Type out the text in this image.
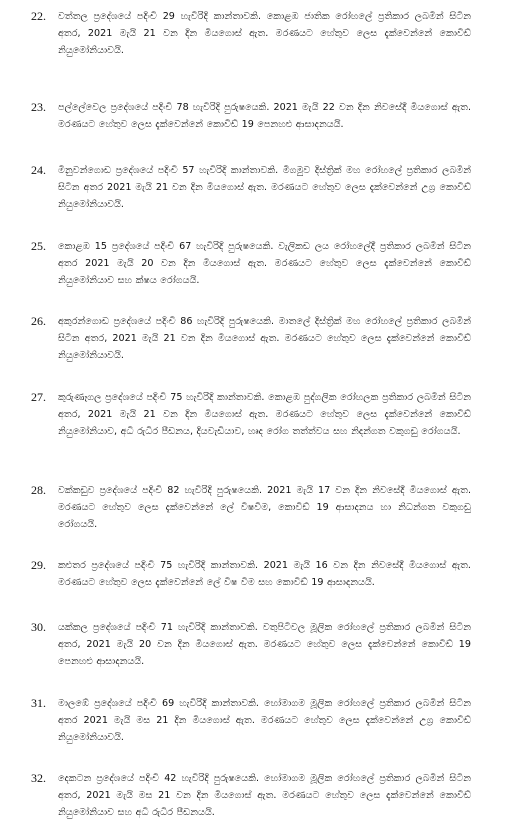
22.	වත්තල ප්‍රදේශයේ පදිංචි 29 හැවිරිදි කාන්තාවකි. කොළඹ ජාතික රෝහලේ ප්‍රතිකාර ලබමින් සිටින අතර, 2021 මැයි 21 වන දින මියගොස් ඇත. මරණයට හේතුව ලෙස දැක්වෙන්නේ කොවිඩ් නියුමෝනියාවයි.
23.	පල්ලේවෙල ප්‍රදේශයේ පදිංචි 78 හැවිරිදි පුරුෂයෙකි. 2021 මැයි 22 වන දින නිවසේදී මියගොස් ඇත. මරණයට හේතුව ලෙස දැක්වෙන්නේ කොවිඩ් 19 පෙනහළු ආසාදනයයි.
24.	මිනුවන්ගොඩ ප්‍රදේශයේ පදිංචි 57 හැවිරිදි කාන්තාවකි. මීගමුව දිස්ත්‍රික් මහ රෝහලේ ප්‍රතිකාර ලබමින් සිටින අතර 2021 මැයි 21 වන දින මියගොස් ඇත. මරණයට හේතුව ලෙස දැක්වෙන්නේ උග්‍ර කොවිඩ් නියුමෝනියාවයි.
25.	කොළඹ 15 ප්‍රදේශයේ පදිංචි 67 හැවිරිදි පුරුෂයෙකි. වැලිකඩ ලය රෝහලේදී ප්‍රතිකාර ලබමින් සිටින අතර 2021 මැයි 20 වන දින මියගොස් ඇත. මරණයට හේතුව ලෙස දැක්වෙන්නේ කොවිඩ් නියුමෝනියාව සහ ක්ෂය රෝගයයි.
26.	අකුරන්ගොඩ ප්‍රදේශයේ පදිංචි 86 හැවිරිදි පුරුෂයෙකි. මාතලේ දිස්ත්‍රික් මහ රෝහලේ ප්‍රතිකාර ලබමින් සිටින අතර, 2021 මැයි 21 වන දින මියගොස් ඇත. මරණයට හේතුව ලෙස දැක්වෙන්නේ කොවිඩ් නියුමෝනියාවයි.
27.	කුරුණෑගල ප්‍රදේශයේ පදිංචි 75 හැවිරිදි කාන්තාවකි. කොළඹ පුද්ගලික රෝහලක ප්‍රතිකාර ලබමින් සිටින අතර, 2021 මැයි 21 වන දින මියගොස් ඇත. මරණයට හේතුව ලෙස දැක්වෙන්නේ කොවිඩ් නියුමෝනියාව, අධි රුධිර පීඩනය, දියවැඩියාව, හෘද රෝග තත්ත්වය සහ නිදන්ගත වකුගඩු රෝගයයි.
28.	වක්කඩුව ප්‍රදේශයේ පදිංචි 82 හැවිරිදි පුරුෂයෙකි. 2021 මැයි 17 වන දින නිවසේදී මියගොස් ඇත. මරණයට හේතුව ලෙස දැක්වෙන්නේ ලේ විෂවීම, කොවිඩ් 19 ආසාදනය හා නිධන්ගත වකුගඩු රෝගයයි.
29.	කළුතර ප්‍රදේශයේ පදිංචි 75 හැවිරිදි කාන්තාවකි. 2021 මැයි 16 වන දින නිවසේදී මියගොස් ඇත. මරණයට හේතුව ලෙස දැක්වෙන්නේ ලේ විෂ වීම සහ කොවිඩ් 19 ආසාදනයයි.
30.	යක්කල ප්‍රදේශයේ පදිංචි 71 හැවිරිදි කාන්තාවකි. වතුපිටිවල මූලික රෝහලේ ප්‍රතිකාර ලබමින් සිටින අතර, 2021 මැයි 20 වන දින මියගොස් ඇත. මරණයට හේතුව ලෙස දැක්වෙන්නේ කොවිඩ් 19 පෙනහළු ආසාදනයයි.
31.	මාලඹේ ප්‍රදේශයේ පදිංචි 69 හැවිරිදි කාන්තාවකි. හෝමාගම මූලික රෝහලේ ප්‍රතිකාර ලබමින් සිටින අතර 2021 මැයි මස 21 දින මියගොස් ඇත. මරණයට හේතුව ලෙස දැක්වෙන්නේ උග්‍ර කොවිඩ් නියුමෝනියාවයි.
32.	දෙකටන ප්‍රදේශයේ පදිංචි 42 හැවිරිදි පුරුෂයෙකි. හෝමාගම මූලික රෝහලේ ප්‍රතිකාර ලබමින් සිටින අතර, 2021 මැයි මස 21 වන දින මියගොස් ඇත. මරණයට හේතුව ලෙස දැක්වෙන්නේ කොවිඩ් නියුමෝනියාව සහ අධි රුධිර පීඩනයයි.
